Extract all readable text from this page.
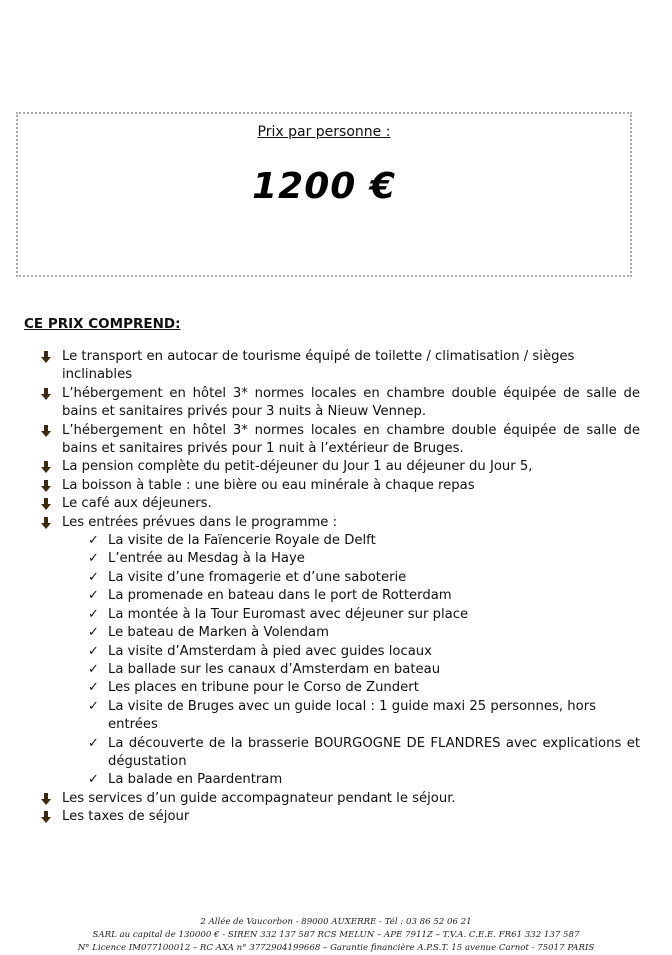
Prix par personne :
1200 €
CE PRIX COMPREND:
Le transport en autocar de tourisme équipé de toilette / climatisation / sièges inclinables
L’hébergement en hôtel 3* normes locales en chambre double équipée de salle de bains et sanitaires privés pour 3 nuits à Nieuw Vennep.
L’hébergement en hôtel 3* normes locales en chambre double équipée de salle de bains et sanitaires privés pour 1 nuit à l’extérieur de Bruges.
La pension complète du petit-déjeuner du Jour 1 au déjeuner du Jour 5,
La boisson à table : une bière ou eau minérale à chaque repas
Le café aux déjeuners.
Les entrées prévues dans le programme :
✓ La visite de la Faïencerie Royale de Delft
✓ L’entrée au Mesdag à la Haye
✓ La visite d’une fromagerie et d’une saboterie
✓ La promenade en bateau dans le port de Rotterdam
✓ La montée à la Tour Euromast avec déjeuner sur place
✓ Le bateau de Marken à Volendam
✓ La visite d’Amsterdam à pied avec guides locaux
✓ La ballade sur les canaux d’Amsterdam en bateau
✓ Les places en tribune pour le Corso de Zundert
✓ La visite de Bruges avec un guide local : 1 guide maxi 25 personnes, hors entrées
✓ La découverte de la brasserie BOURGOGNE DE FLANDRES avec explications et dégustation
✓ La balade en Paardentram
Les services d’un guide accompagnateur pendant le séjour.
Les taxes de séjour
2 Allée de Vaucorbon - 89000 AUXERRE - Tél : 03 86 52 06 21
SARL au capital de 130000 € - SIREN 332 137 587 RCS MELUN – APE 7911Z – T.V.A. C.E.E. FR61 332 137 587
N° Licence IM077100012 – RC AXA n° 3772904199668 – Garantie financière A.P.S.T. 15 avenue Carnot - 75017 PARIS
